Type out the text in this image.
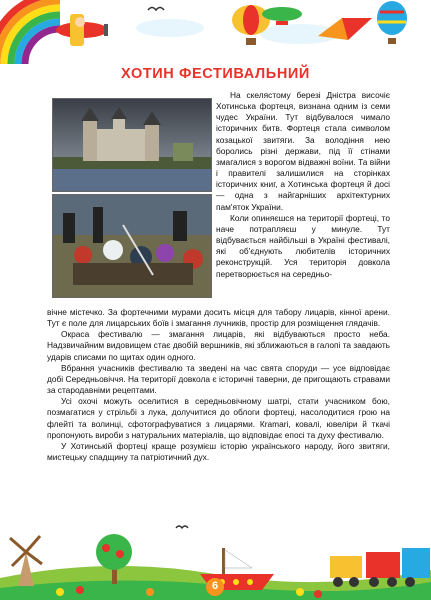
ХОТИН ФЕСТИВАЛЬНИЙ

На скелястому березі Дністра височіє Хотинська фортеця, визнана одним із семи чудес України. Тут відбувалося чимало історичних битв. Фортеця стала символом козацької звитяги. За володіння нею боролись різні держави, під її стінами змагалися з ворогом відважні воїни. Та війни і правителі залишилися на сторінках історичних книг, а Хотинська фортеця й досі — одна з найгарніших архітектурних пам'яток України.

Коли опиняєшся на території фортеці, то наче потрапляєш у минуле. Тут відбувається найбільші в Україні фестивалі, які об'єднують любителів історичних реконструкцій. Уся територія довкола перетворюється на середньо-

вічне містечко. За фортечними мурами досить місця для табору лицарів, кінної арени. Тут є поле для лицарських боїв і змагання лучників, простір для розміщення глядачів.

Окраса фестивалю — змагання лицарів, які відбуваються просто неба. Надзвичайним видовищем стає двобій вершників, які зближаються в галопі та завдають ударів списами по щитах один одного.

Вбрання учасників фестивалю та зведені на час свята споруди — усе відповідає добі Середньовіччя. На території довкола є історичні таверни, де пригощають стравами за стародавніми рецептами.

Усі охочі можуть оселитися в середньовічному шатрі, стати учасником бою, позмагатися у стрільбі з лука, долучитися до облоги фортеці, насолодитися грою на флейті та волинці, сфотографуватися з лицарями. Кramarі, ковалі, ювеліри й ткачі пропонують вироби з натуральних матеріалів, що відповідає епосі та духу фестивалю.

У Хотинській фортеці краще розумієш історію українського народу, його звитяги, мистецьку спадщину та патріотичний дух.

6
